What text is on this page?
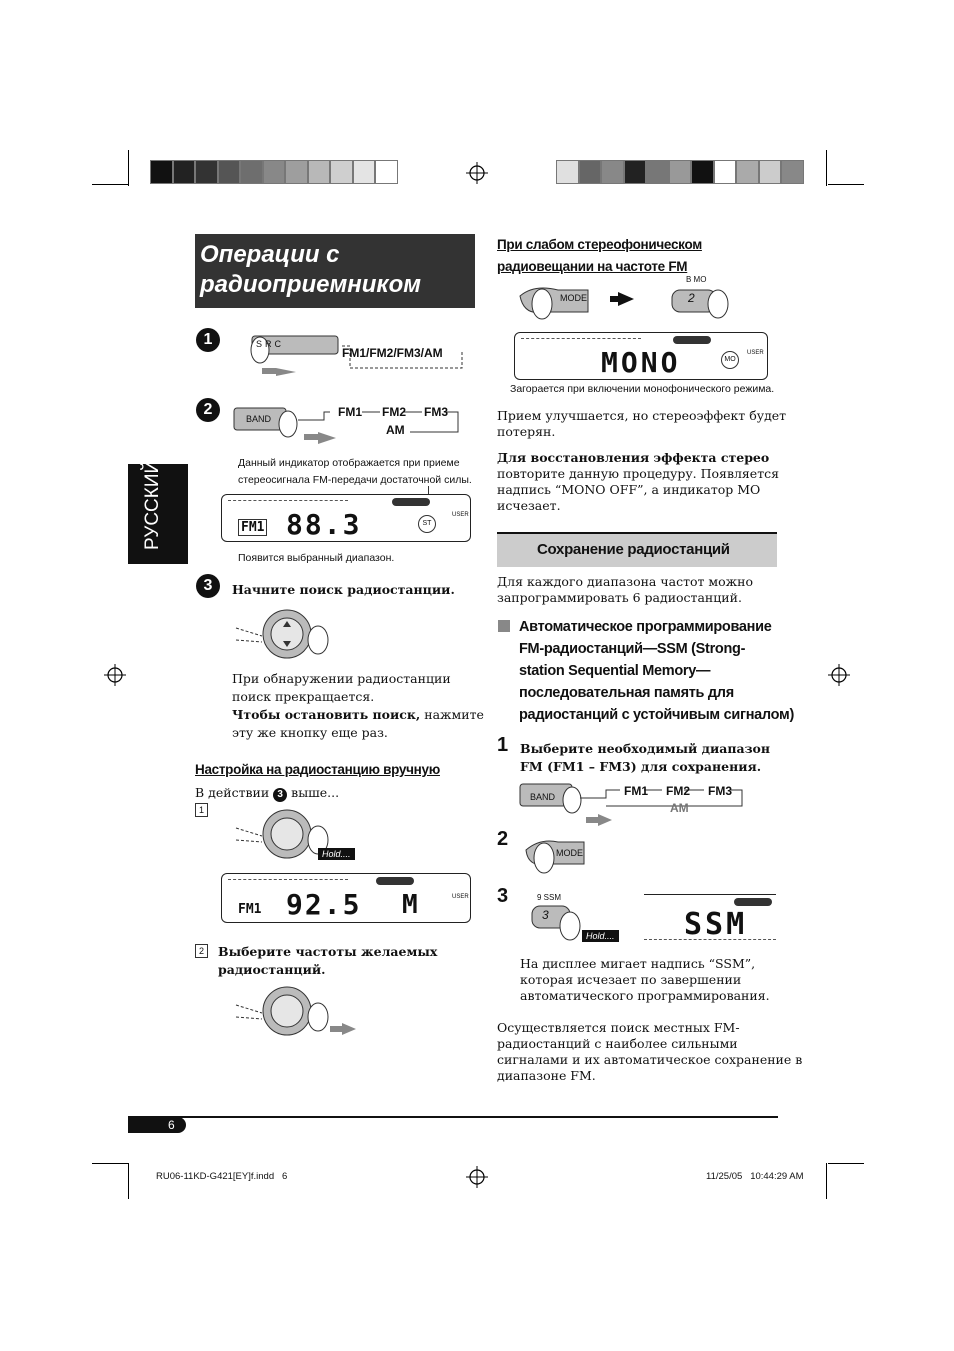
РУССКИЙ
Операции с
радиоприемником
1	SRC
FM1/FM2/FM3/AM
2
BAND	FM1 FM2 FM3
AM
Данный индикатор отображается при приеме
стереосигнала FM-передачи достаточной силы.
FM1 88.3	ST
USER
Появится выбранный диапазон.
3	Начните поиск радиостанции.
При обнаружении радиостанции
поиск прекращается.
Чтобы остановить поиск, нажмите
эту же кнопку еще раз.
Настройка на радиостанцию вручную
В действии 3 выше...
1
Hold....
FM1 92.5 M	USER
2	Выберите частоты желаемых
радиостанций.
При слабом стереофоническом
радиовещании на частоте FM
MODE	2
B MO
MONO	MO
USER
Загорается при включении монофонического режима.
Прием улучшается, но стереоэффект будет
потерян.
Для восстановления эффекта стерео
повторите данную процедуру. Появляется
надпись “MONO OFF”, а индикатор MO
исчезает.
Сохранение радиостанций
Для каждого диапазона частот можно
запрограммировать 6 радиостанций.
Автоматическое программирование
FM-радиостанций—SSM (Strong-
station Sequential Memory—
последовательная память для
радиостанций с устойчивым сигналом)
1 Выберите необходимый диапазон
FM (FM1 – FM3) для сохранения.
BAND	FM1 FM2 FM3
AM
2
MODE
3	9 SSM
3
Hold.... SSM
На дисплее мигает надпись “SSM”,
которая исчезает по завершении
автоматического программирования.
Осуществляется поиск местных FM-
радиостанций с наиболее сильными
сигналами и их автоматическое сохранение в
диапазоне FM.
6
RU06-11KD-G421[EY]f.indd   6	11/25/05   10:44:29 AM
